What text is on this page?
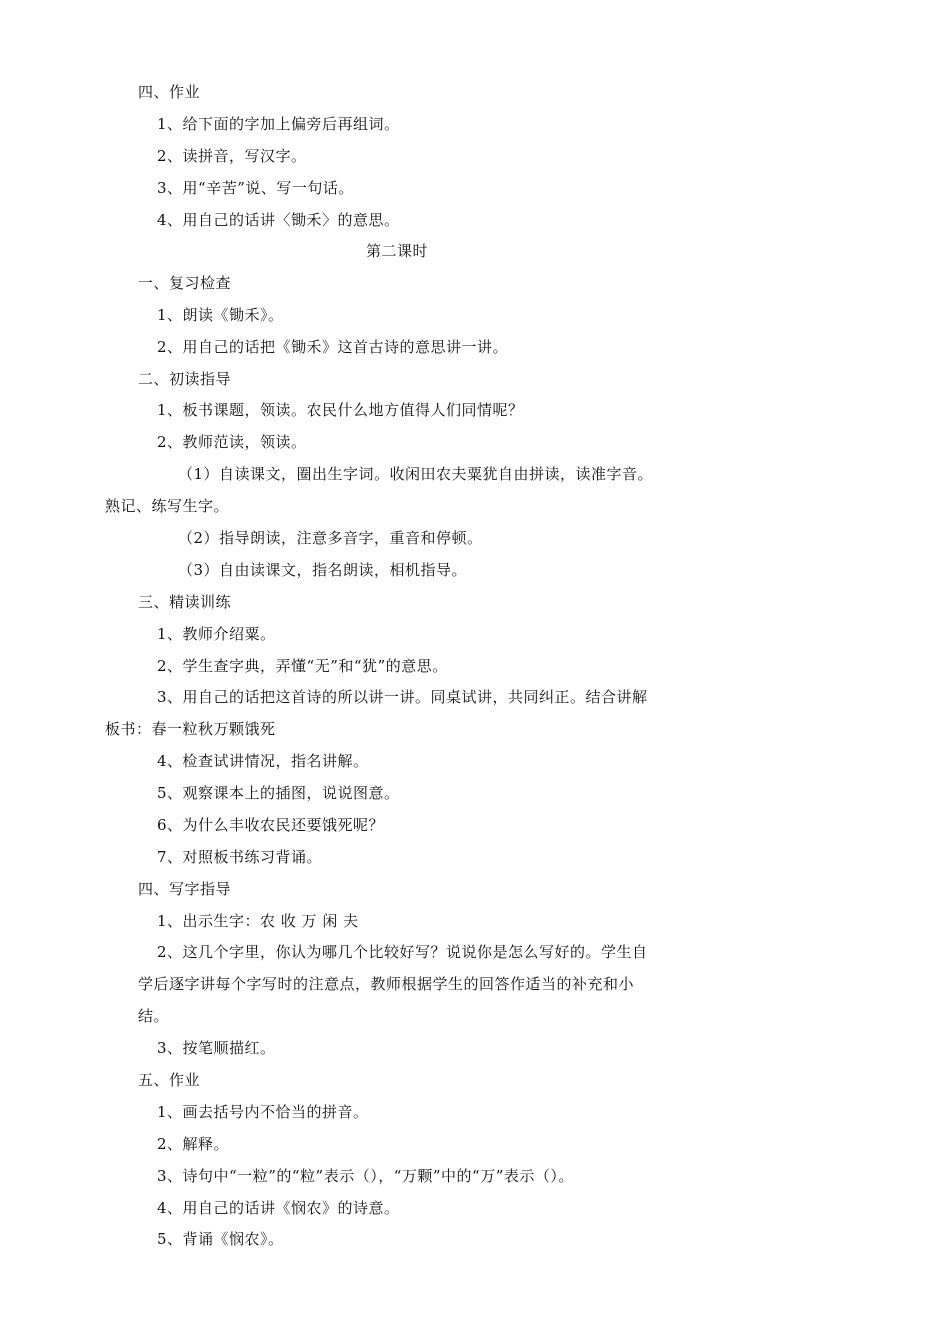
四、作业
1、给下面的字加上偏旁后再组词。
2、读拼音，写汉字。
3、用“辛苦”说、写一句话。
4、用自己的话讲〈锄禾〉的意思。
第二课时
一、复习检查
1、朗读《锄禾》。
2、用自己的话把《锄禾》这首古诗的意思讲一讲。
二、初读指导
1、板书课题，领读。农民什么地方值得人们同情呢？
2、教师范读，领读。
（1）自读课文，圈出生字词。收闲田农夫粟犹自由拼读，读准字音。
熟记、练写生字。
（2）指导朗读，注意多音字，重音和停顿。
（3）自由读课文，指名朗读，相机指导。
三、精读训练
1、教师介绍粟。
2、学生查字典，弄懂“无”和“犹”的意思。
3、用自己的话把这首诗的所以讲一讲。同桌试讲，共同纠正。结合讲解
板书：春一粒秋万颗饿死
4、检查试讲情况，指名讲解。
5、观察课本上的插图，说说图意。
6、为什么丰收农民还要饿死呢？
7、对照板书练习背诵。
四、写字指导
1、出示生字：农 收 万 闲 夫
2、这几个字里，你认为哪几个比较好写？说说你是怎么写好的。学生自
学后逐字讲每个字写时的注意点，教师根据学生的回答作适当的补充和小
结。
3、按笔顺描红。
五、作业
1、画去括号内不恰当的拼音。
2、解释。
3、诗句中“一粒”的“粒”表示（），“万颗”中的“万”表示（）。
4、用自己的话讲《悯农》的诗意。
5、背诵《悯农》。
